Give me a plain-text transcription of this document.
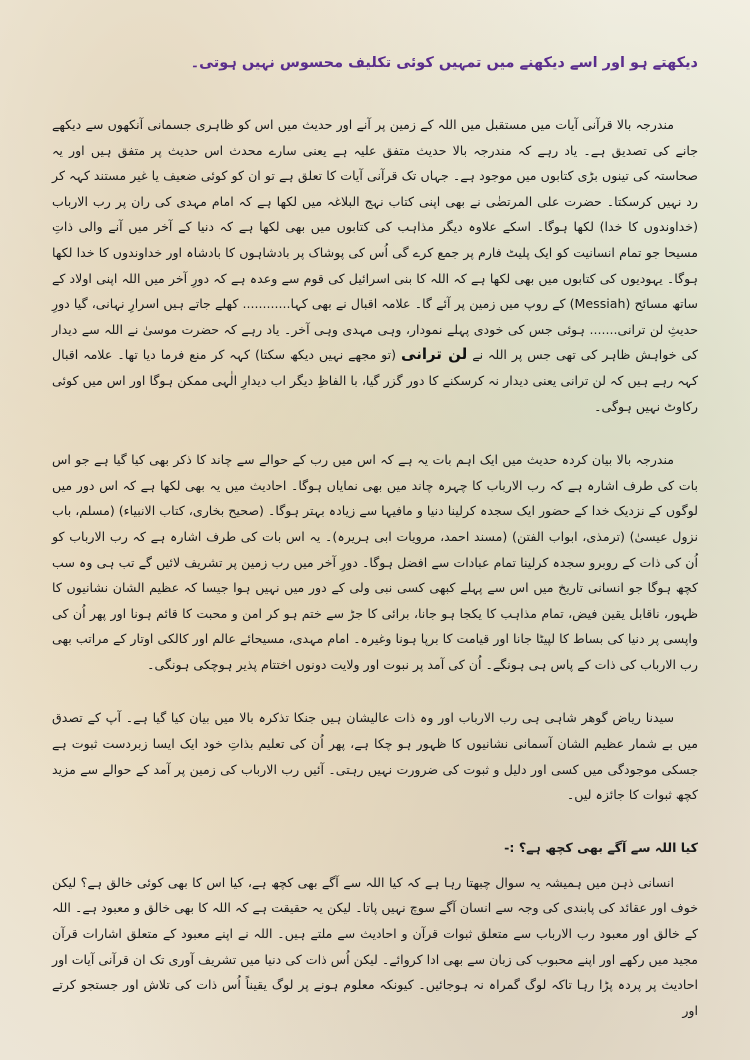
دیکھتے ہو اور اسے دیکھنے میں تمہیں کوئی تکلیف محسوس نہیں ہوتی۔

مندرجہ بالا قرآنی آیات میں مستقبل میں اللہ کے زمین پر آنے اور حدیث میں اس کو ظاہری جسمانی آنکھوں سے دیکھے جانے کی تصدیق ہے۔ یاد رہے کہ مندرجہ بالا حدیث متفق علیہ ہے یعنی سارے محدث اس حدیث پر متفق ہیں اور یہ صحاستہ کی تینوں بڑی کتابوں میں موجود ہے۔ جہاں تک قرآنی آیات کا تعلق ہے تو ان کو کوئی ضعیف یا غیر مستند کہہ کر رد نہیں کرسکتا۔ حضرت علی المرتضٰی نے بھی اپنی کتاب نہج البلاغہ میں لکھا ہے کہ امام مہدی کی ران پر رب الارباب (خداوندوں کا خدا) لکھا ہوگا۔ اسکے علاوہ دیگر مذاہب کی کتابوں میں بھی لکھا ہے کہ دنیا کے آخر میں آنے والی ذاتِ مسیحا جو تمام انسانیت کو ایک پلیٹ فارم پر جمع کرے گی اُس کی پوشاک پر بادشاہوں کا بادشاہ اور خداوندوں کا خدا لکھا ہوگا۔ یہودیوں کی کتابوں میں بھی لکھا ہے کہ اللہ کا بنی اسرائیل کی قوم سے وعدہ ہے کہ دورِ آخر میں اللہ اپنی اولاد کے ساتھ مسائح (Messiah) کے روپ میں زمین پر آئے گا۔ علامہ اقبال نے بھی کہا............ کھلے جاتے ہیں اسرارِ نہانی، گیا دورِ حدیثِ لن ترانی....... ہوئی جس کی خودی پہلے نمودار، وہی مہدی وہی آخر۔ یاد رہے کہ حضرت موسیٰ نے اللہ سے دیدار کی خواہش ظاہر کی تھی جس پر اللہ نے لن ترانی (تو مجھے نہیں دیکھ سکتا) کہہ کر منع فرما دیا تھا۔ علامہ اقبال کہہ رہے ہیں کہ لن ترانی یعنی دیدار نہ کرسکنے کا دور گزر گیا، با الفاظِ دیگر اب دیدارِ الٰہی ممکن ہوگا اور اس میں کوئی رکاوٹ نہیں ہوگی۔

مندرجہ بالا بیان کردہ حدیث میں ایک اہم بات یہ ہے کہ اس میں رب کے حوالے سے چاند کا ذکر بھی کیا گیا ہے جو اس بات کی طرف اشارہ ہے کہ رب الارباب کا چہرہ چاند میں بھی نمایاں ہوگا۔ احادیث میں یہ بھی لکھا ہے کہ اس دور میں لوگوں کے نزدیک خدا کے حضور ایک سجدہ کرلینا دنیا و مافیہا سے زیادہ بہتر ہوگا۔ (صحیح بخاری، کتاب الانبیاء) (مسلم، باب نزول عیسیٰ) (ترمذی، ابواب الفتن) (مسند احمد، مرویات ابی ہریرہ)۔ یہ اس بات کی طرف اشارہ ہے کہ رب الارباب کو اُن کی ذات کے روبرو سجدہ کرلینا تمام عبادات سے افضل ہوگا۔ دورِ آخر میں رب زمین پر تشریف لائیں گے تب ہی وہ سب کچھ ہوگا جو انسانی تاریخ میں اس سے پہلے کبھی کسی نبی ولی کے دور میں نہیں ہوا جیسا کہ عظیم الشان نشانیوں کا ظہور، ناقابل یقین فیض، تمام مذاہب کا یکجا ہو جانا، برائی کا جڑ سے ختم ہو کر امن و محبت کا قائم ہونا اور پھر اُن کی واپسی پر دنیا کی بساط کا لپیٹا جانا اور قیامت کا برپا ہونا وغیرہ۔ امام مہدی، مسیحائے عالم اور کالکی اوتار کے مراتب بھی رب الارباب کی ذات کے پاس ہی ہونگے۔ اُن کی آمد پر نبوت اور ولایت دونوں اختتام پذیر ہوچکی ہونگی۔

سیدنا ریاض گوھر شاہی ہی رب الارباب اور وہ ذات عالیشان ہیں جنکا تذکرہ بالا میں بیان کیا گیا ہے۔ آپ کے تصدق میں بے شمار عظیم الشان آسمانی نشانیوں کا ظہور ہو چکا ہے، پھر اُن کی تعلیم بذاتِ خود ایک ایسا زبردست ثبوت ہے جسکی موجودگی میں کسی اور دلیل و ثبوت کی ضرورت نہیں رہتی۔ آئیں رب الارباب کی زمین پر آمد کے حوالے سے مزید کچھ ثبوات کا جائزہ لیں۔

کیا اللہ سے آگے بھی کچھ ہے؟ :-

انسانی ذہن میں ہمیشہ یہ سوال چبھتا رہا ہے کہ کیا اللہ سے آگے بھی کچھ ہے، کیا اس کا بھی کوئی خالق ہے؟ لیکن خوف اور عقائد کی پابندی کی وجہ سے انسان آگے سوچ نہیں پاتا۔ لیکن یہ حقیقت ہے کہ اللہ کا بھی خالق و معبود ہے۔ اللہ کے خالق اور معبود رب الارباب سے متعلق ثبوات قرآن و احادیث سے ملتے ہیں۔ اللہ نے اپنے معبود کے متعلق اشارات قرآن مجید میں رکھے اور اپنے محبوب کی زبان سے بھی ادا کروائے۔ لیکن اُس ذات کی دنیا میں تشریف آوری تک ان قرآنی آیات اور احادیث پر پردہ پڑا رہا تاکہ لوگ گمراہ نہ ہوجائیں۔ کیونکہ معلوم ہونے پر لوگ یقیناً اُس ذات کی تلاش اور جستجو کرتے اور
